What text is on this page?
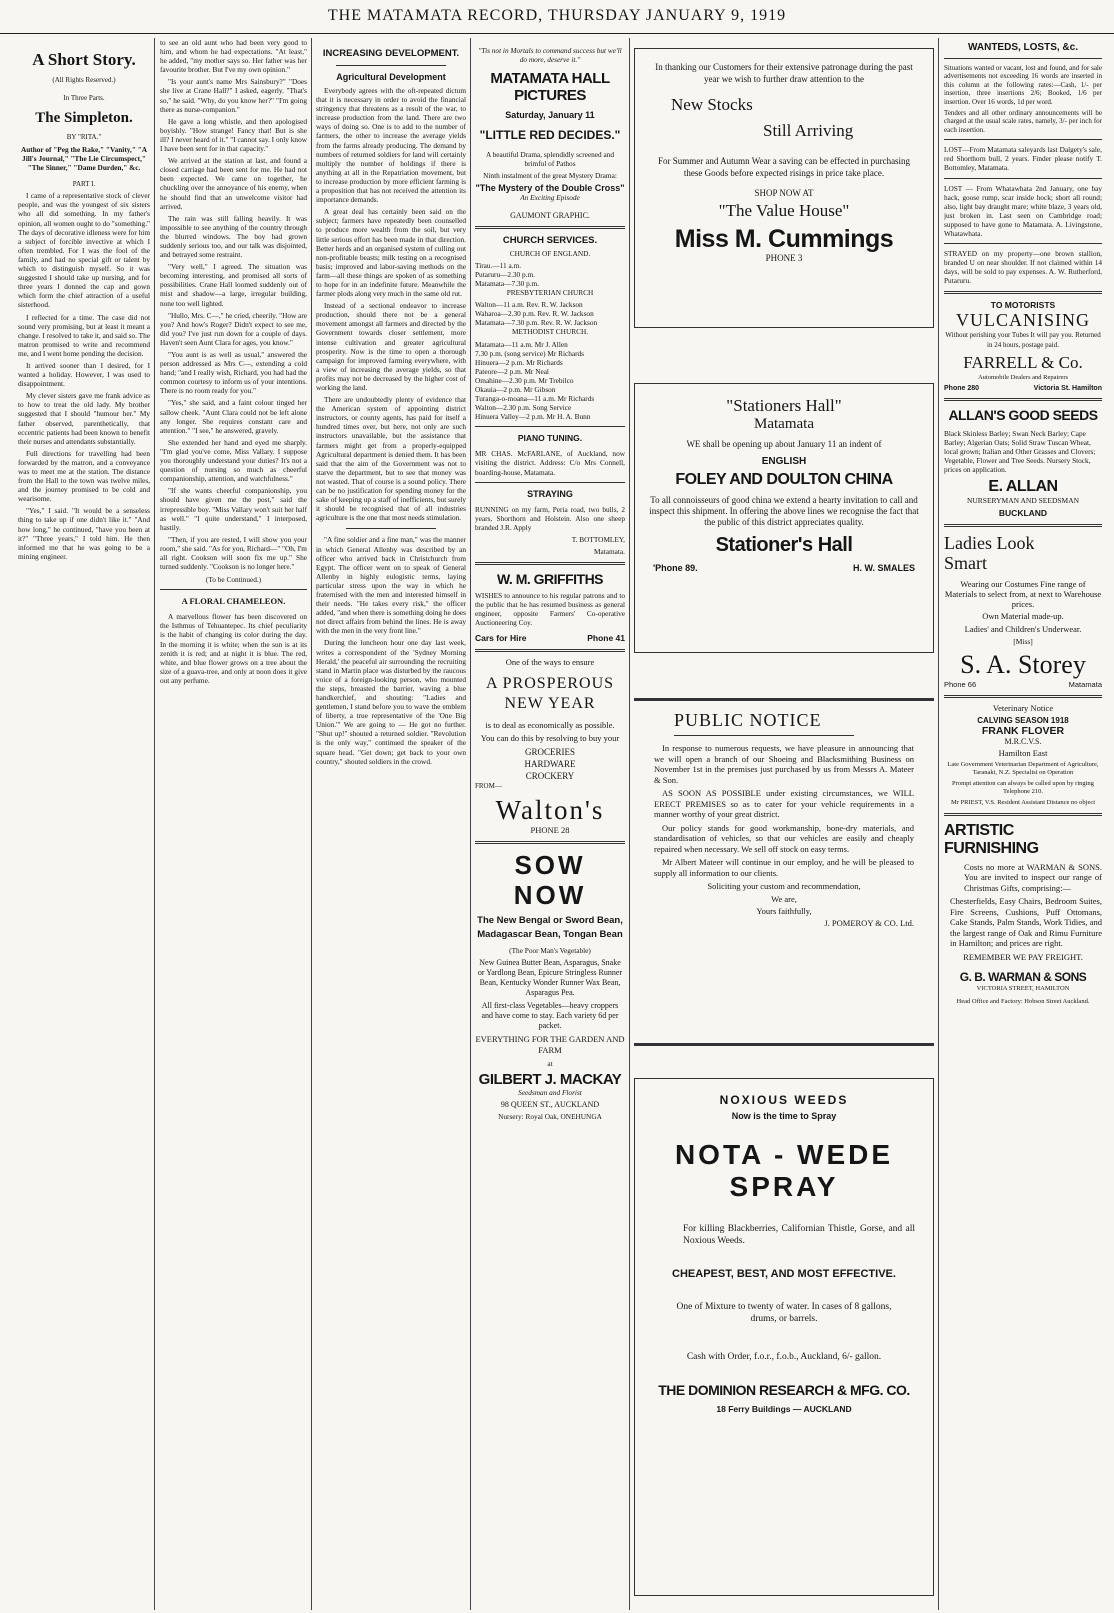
THE MATAMATA RECORD, THURSDAY JANUARY 9, 1919
A Short Story.
(All Rights Reserved.)
In Three Parts.
The Simpleton.
BY "RITA."

Author of "Peg the Rake," "Vanity," "A Jill's Journal," "The Lie Circumspect," "The Sinner," "Dame Durden," &c.

PART I.

I came of a representative stock of clever people, and was the youngest of six sisters who all did something. In my father's opinion, all women ought to do "something." The days of decorative idleness were for him a subject of forcible invective at which I often trembled. For I was the fool of the family, and had no special gift or talent by which to distinguish myself. So it was suggested I should take up nursing, and for three years I donned the cap and gown which form the chief attraction of a useful sisterhood.

I reflected for a time. The case did not sound very promising, but at least it meant a change. I resolved to take it, and said so. The matron promised to write and recommend me, and I went home pending the decision.

It arrived sooner than I desired, for I wanted a holiday. However, I was used to disappointment.

My clever sisters gave me frank advice as to how to treat the old lady. My brother suggested that I should "humour her." My father observed, parenthetically, that eccentric patients had been known to benefit their nurses and attendants substantially.

Full directions for travelling had been forwarded by the matron, and a conveyance was to meet me at the station. The distance from the Hall to the town was twelve miles, and the journey promised to be cold and wearisome.

"Yes," I said. "It would be a senseless thing to take up if one didn't like it." "And how long," he continued, "have you been at it?" "Three years," I told him. He then informed me that he was going to be a mining engineer.

to see an old aunt who had been very good to him, and whom he had expectations. "At least," he added, "my mother says so. Her father was her favourite brother. But I've my own opinion."

"Is your aunt's name Mrs Sainsbury?" "Does she live at Crane Hall?" I asked, eagerly. "That's so," he said. "Why, do you know her?" "I'm going there as nurse-companion."

He gave a long whistle, and then apologised boyishly. "How strange! Fancy that! But is she ill? I never heard of it." "I cannot say. I only know I have been sent for in that capacity."

We arrived at the station at last, and found a closed carriage had been sent for me. He had not been expected. We came on together, he chuckling over the annoyance of his enemy, when he should find that an unwelcome visitor had arrived.

The rain was still falling heavily. It was impossible to see anything of the country through the blurred windows. The boy had grown suddenly serious too, and our talk was disjointed, and betrayed some restraint.

"Very well," I agreed. The situation was becoming interesting, and promised all sorts of possibilities. Crane Hall loomed suddenly out of mist and shadow—a large, irregular building, none too well lighted.

"Hullo, Mrs. C—," he cried, cheerily. "How are you? And how's Roger? Didn't expect to see me, did you? I've just run down for a couple of days. Haven't seen Aunt Clara for ages, you know."

"You aunt is as well as usual," answered the person addressed as Mrs C—, extending a cold hand; "and I really wish, Richard, you had had the common courtesy to inform us of your intentions. There is no room ready for you."

"Yes," she said, and a faint colour tinged her sallow cheek. "Aunt Clara could not be left alone any longer. She requires constant care and attention." "I see," he answered, gravely.

She extended her hand and eyed me sharply. "I'm glad you've come, Miss Vallary. I suppose you thoroughly understand your duties? It's not a question of nursing so much as cheerful companionship, attention, and watchfulness."

"If she wants cheerful companionship, you should have given me the post," said the irrepressible boy. "Miss Vallary won't suit her half as well." "I quite understand," I interposed, hastily.

"Then, if you are rested, I will show you your room," she said. "As for you, Richard—" "Oh, I'm all right. Cookson will soon fix me up." She turned suddenly. "Cookson is no longer here."

(To be Continued.)

A FLORAL CHAMELEON.

A marvellous flower has been discovered on the Isthmus of Tehuantepec. Its chief peculiarity is the habit of changing its color during the day. In the morning it is white; when the sun is at its zenith it is red; and at night it is blue. The red, white, and blue flower grows on a tree about the size of a guava-tree, and only at noon does it give out any perfume.

INCREASING DEVELOPMENT.
Agricultural Development

Everybody agrees with the oft-repeated dictum that it is necessary in order to avoid the financial stringency that threatens as a result of the war, to increase production from the land. There are two ways of doing so. One is to add to the number of farmers, the other to increase the average yields from the farms already producing. The demand by numbers of returned soldiers for land will certainly multiply the number of holdings if there is anything at all in the Repatriation movement, but to increase production by more efficient farming is a proposition that has not received the attention its importance demands.

A great deal has certainly been said on the subject; farmers have repeatedly been counselled to produce more wealth from the soil, but very little serious effort has been made in that direction. Better herds and an organised system of culling out non-profitable beasts; milk testing on a recognised basis; improved and labor-saving methods on the farm—all these things are spoken of as something to hope for in an indefinite future. Meanwhile the farmer plods along very much in the same old rut.

Instead of a sectional endeavor to increase production, should there not be a general movement amongst all farmers and directed by the Government towards closer settlement, more intense cultivation and greater agricultural prosperity. Now is the time to open a thorough campaign for improved farming everywhere, with a view of increasing the average yields, so that profits may not be decreased by the higher cost of working the land.

There are undoubtedly plenty of evidence that the American system of appointing district instructors, or county agents, has paid for itself a hundred times over, but here, not only are such instructors unavailable, but the assistance that farmers might get from a properly-equipped Agricultural department is denied them. It has been said that the aim of the Government was not to starve the department, but to see that money was not wasted. That of course is a sound policy. There can be no justification for spending money for the sake of keeping up a staff of inefficients, but surely it should be recognised that of all industries agriculture is the one that most needs stimulation.

"A fine soldier and a fine man," was the manner in which General Allenby was described by an officer who arrived back in Christchurch from Egypt. The officer went on to speak of General Allenby in highly eulogistic terms, laying particular stress upon the way in which he fraternised with the men and interested himself in their needs. "He takes every risk," the officer added, "and when there is something doing he does not direct affairs from behind the lines. He is away with the men in the very front line."

During the luncheon hour one day last week, writes a correspondent of the 'Sydney Morning Herald,' the peaceful air surrounding the recruiting stand in Martin place was disturbed by the raucous voice of a foreign-looking person, who mounted the steps, breasted the barrier, waving a blue handkerchief, and shouting: "Ladies and gentlemen, I stand before you to wave the emblem of liberty, a true representative of the 'One Big Union.'" We are going to — He got no further. "Shut up!" shouted a returned soldier. "Revolution is the only way," continued the speaker of the square head. "Get down; get back to your own country," shouted soldiers in the crowd.

"Tis not in Mortals to command success but we'll do more, deserve it."

MATAMATA HALL PICTURES
Saturday, January 11
"LITTLE RED DECIDES."

A beautiful Drama, splendidly screened and brimful of Pathos

Ninth instalment of the great Mystery Drama:

"The Mystery of the Double Cross"

An Exciting Episode

GAUMONT GRAPHIC.

CHURCH SERVICES.

CHURCH OF ENGLAND.

Tirau.—11 a.m.

Putaruru—2.30 p.m.

Matamata—7.30 p.m.

PRESBYTERIAN CHURCH

Walton—11 a.m. Rev. R. W. Jackson

Waharoa—2.30 p.m. Rev. R. W. Jackson

Matamata—7.30 p.m. Rev. R. W. Jackson

METHODIST CHURCH.

Matamata—11 a.m. Mr J. Allen

7.30 p.m. (song service) Mr Richards

Hinuera—2 p.m. Mr Richards

Pateore—2 p.m. Mr Neal

Omahine—2.30 p.m. Mr Trebilco

Okauia—2 p.m. Mr Gibson

Turanga-o-moana—11 a.m. Mr Richards

Walton—2.30 p.m. Song Service

Hinuera Valley—2 p.m. Mr H. A. Bunn

PIANO TUNING.

MR CHAS. McFARLANE, of Auckland, now visiting the district. Address: C/o Mrs Connell, boarding-house, Matamata.

STRAYING

RUNNING on my farm, Peria road, two bulls, 2 years, Shorthorn and Holstein. Also one sheep branded J.R. Apply

T. BOTTOMLEY,

Matamata.

W. M. GRIFFITHS

WISHES to announce to his regular patrons and to the public that he has resumed business as general engineer, opposite Farmers' Co-operative Auctioneering Coy.

Cars for Hire	Phone 41

One of the ways to ensure

A PROSPEROUS NEW YEAR

is to deal as economically as possible.

You can do this by resolving to buy your

GROCERIES

HARDWARE

CROCKERY

FROM—

Walton's

PHONE 28

SOW NOW
The New Bengal or Sword Bean, Madagascar Bean, Tongan Bean

(The Poor Man's Vegetable)

New Guinea Butter Bean, Asparagus, Snake or Yardlong Bean, Epicure Stringless Runner Bean, Kentucky Wonder Runner Wax Bean, Asparagus Pea.

All first-class Vegetables—heavy croppers and have come to stay. Each variety 6d per packet.

EVERYTHING FOR THE GARDEN AND FARM

at

GILBERT J. MACKAY

Seedsman and Florist

98 QUEEN ST., AUCKLAND

Nursery: Royal Oak, ONEHUNGA

In thanking our Customers for their extensive patronage during the past year we wish to further draw attention to the

New Stocks
Still Arriving

For Summer and Autumn Wear a saving can be effected in purchasing these Goods before expected risings in price take place.

SHOP NOW AT

"The Value House"
Miss M. Cummings

PHONE 3

"Stationers Hall"
Matamata

WE shall be opening up about January 11 an indent of

ENGLISH
FOLEY AND DOULTON CHINA

To all connoisseurs of good china we extend a hearty invitation to call and inspect this shipment. In offering the above lines we recognise the fact that the public of this district appreciates quality.

Stationer's Hall
'Phone 89.	H. W. SMALES
PUBLIC NOTICE

In response to numerous requests, we have pleasure in announcing that we will open a branch of our Shoeing and Blacksmithing Business on November 1st in the premises just purchased by us from Messrs A. Mateer & Son.

AS SOON AS POSSIBLE under existing circumstances, we WILL ERECT PREMISES so as to cater for your vehicle requirements in a manner worthy of your great district.

Our policy stands for good workmanship, bone-dry materials, and standardisation of vehicles, so that our vehicles are easily and cheaply repaired when necessary. We sell off stock on easy terms.

Mr Albert Mateer will continue in our employ, and he will be pleased to supply all information to our clients.

Soliciting your custom and recommendation,

We are,

Yours faithfully,

J. POMEROY & CO. Ltd.

NOXIOUS WEEDS
Now is the time to Spray
NOTA - WEDE SPRAY

For killing Blackberries, Californian Thistle, Gorse, and all Noxious Weeds.

CHEAPEST, BEST, AND MOST EFFECTIVE.

One of Mixture to twenty of water. In cases of 8 gallons, drums, or barrels.

Cash with Order, f.o.r., f.o.b., Auckland, 6/- gallon.

THE DOMINION RESEARCH & MFG. CO.
18 Ferry Buildings — AUCKLAND
WANTEDS, LOSTS, &c.

Situations wanted or vacant, lost and found, and for sale advertisements not exceeding 16 words are inserted in this column at the following rates:—Cash, 1/- per insertion, three insertions 2/6; Booked, 1/6 per insertion. Over 16 words, 1d per word.

Tenders and all other ordinary announcements will be charged at the usual scale rates, namely, 3/- per inch for each insertion.

LOST—From Matamata saleyards last Dalgety's sale, red Shorthorn bull, 2 years. Finder please notify T. Bottomley, Matamata.

LOST — From Whatawhata 2nd January, one bay hack, goose rump, scar inside hock; short all round; also, light bay draught mare; white blaze, 3 years old, just broken in. Last seen on Cambridge road; supposed to have gone to Matamata. A. Livingstone, Whatawhata.

STRAYED on my property—one brown stallion, branded U on near shoulder. If not claimed within 14 days, will be sold to pay expenses. A. W. Rutherford, Putaruru.

TO MOTORISTS
VULCANISING

Without perishing your Tubes It will pay you. Returned in 24 hours, postage paid.

FARRELL & Co.

Automobile Dealers and Repairers

Phone 280	Victoria St. Hamilton
ALLAN'S GOOD SEEDS

Black Skinless Barley; Swan Neck Barley; Cape Barley; Algerian Oats; Solid Straw Tuscan Wheat, local grown; Italian and Other Grasses and Clovers; Vegetable, Flower and Tree Seeds. Nursery Stock, prices on application.

E. ALLAN

NURSERYMAN AND SEEDSMAN

BUCKLAND
Ladies Look
Smart

Wearing our Costumes Fine range of Materials to select from, at next to Warehouse prices.

Own Material made-up.

Ladies' and Children's Underwear.

[Miss]

S. A. Storey
Phone 66	Matamata

Veterinary Notice

CALVING SEASON 1918
FRANK FLOVER

M.R.C.V.S.

Hamilton East

Late Government Veterinarian Department of Agriculture, Taranaki, N.Z. Specialist on Operation

Prompt attention can always be called upon by ringing Telephone 210.

Mr PRIEST, V.S. Resident Assistant Distance no object

ARTISTIC
FURNISHING

Costs no more at WARMAN & SONS. You are invited to inspect our range of Christmas Gifts, comprising:—

Chesterfields, Easy Chairs, Bedroom Suites, Fire Screens, Cushions, Puff Ottomans, Cake Stands, Palm Stands, Work Tidies, and the largest range of Oak and Rimu Furniture in Hamilton; and prices are right.

REMEMBER WE PAY FREIGHT.

G. B. WARMAN & SONS

VICTORIA STREET, HAMILTON

Head Office and Factory: Hobson Street Auckland.
